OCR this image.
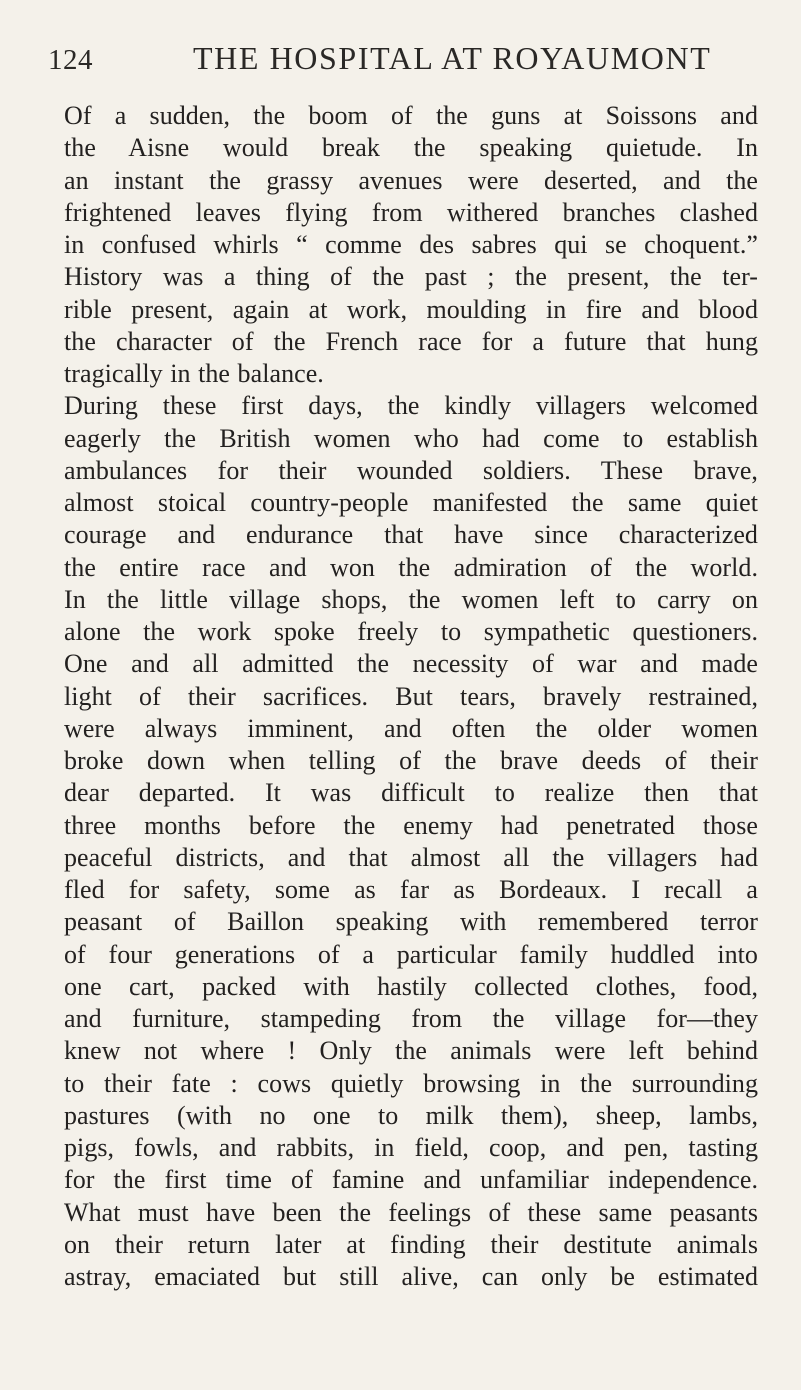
124	THE HOSPITAL AT ROYAUMONT

Of a sudden, the boom of the guns at Soissons and
the Aisne would break the speaking quietude. In
an instant the grassy avenues were deserted, and the
frightened leaves flying from withered branches clashed
in confused whirls “ comme des sabres qui se choquent.”
History was a thing of the past ; the present, the ter-
rible present, again at work, moulding in fire and blood
the character of the French race for a future that hung
tragically in the balance.

During these first days, the kindly villagers welcomed
eagerly the British women who had come to establish
ambulances for their wounded soldiers. These brave,
almost stoical country-people manifested the same quiet
courage and endurance that have since characterized
the entire race and won the admiration of the world.
In the little village shops, the women left to carry on
alone the work spoke freely to sympathetic questioners.
One and all admitted the necessity of war and made
light of their sacrifices. But tears, bravely restrained,
were always imminent, and often the older women
broke down when telling of the brave deeds of their
dear departed. It was difficult to realize then that
three months before the enemy had penetrated those
peaceful districts, and that almost all the villagers had
fled for safety, some as far as Bordeaux. I recall a
peasant of Baillon speaking with remembered terror
of four generations of a particular family huddled into
one cart, packed with hastily collected clothes, food,
and furniture, stampeding from the village for—they
knew not where ! Only the animals were left behind
to their fate : cows quietly browsing in the surrounding
pastures (with no one to milk them), sheep, lambs,
pigs, fowls, and rabbits, in field, coop, and pen, tasting
for the first time of famine and unfamiliar independence.
What must have been the feelings of these same peasants
on their return later at finding their destitute animals
astray, emaciated but still alive, can only be estimated
